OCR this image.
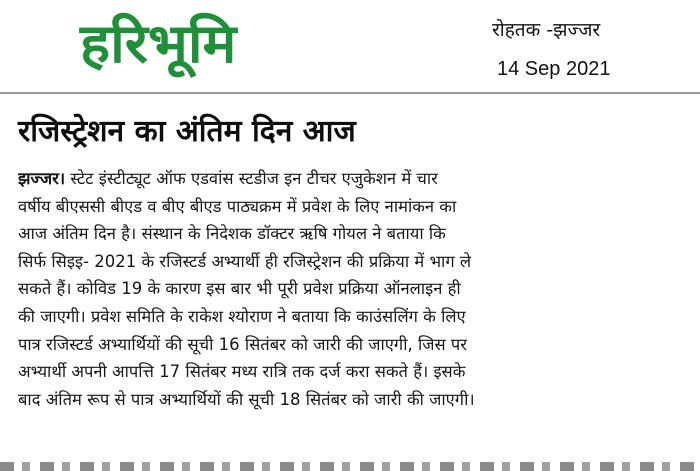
हरिभूमि	रोहतक -झज्जर
14 Sep 2021
रजिस्ट्रेशन का अंतिम दिन आज
झज्जर। स्टेट इंस्टीट्यूट ऑफ एडवांस स्टडीज इन टीचर एजुकेशन में चार
वर्षीय बीएससी बीएड व बीए बीएड पाठ्यक्रम में प्रवेश के लिए नामांकन का
आज अंतिम दिन है। संस्थान के निदेशक डॉक्टर ऋषि गोयल ने बताया कि
सिर्फ सिइइ- 2021 के रजिस्टर्ड अभ्यार्थी ही रजिस्ट्रेशन की प्रक्रिया में भाग ले
सकते हैं। कोविड 19 के कारण इस बार भी पूरी प्रवेश प्रक्रिया ऑनलाइन ही
की जाएगी। प्रवेश समिति के राकेश श्योराण ने बताया कि काउंसलिंग के लिए
पात्र रजिस्टर्ड अभ्यार्थियों की सूची 16 सितंबर को जारी की जाएगी, जिस पर
अभ्यार्थी अपनी आपत्ति 17 सितंबर मध्य रात्रि तक दर्ज करा सकते हैं। इसके
बाद अंतिम रूप से पात्र अभ्यार्थियों की सूची 18 सितंबर को जारी की जाएगी।
